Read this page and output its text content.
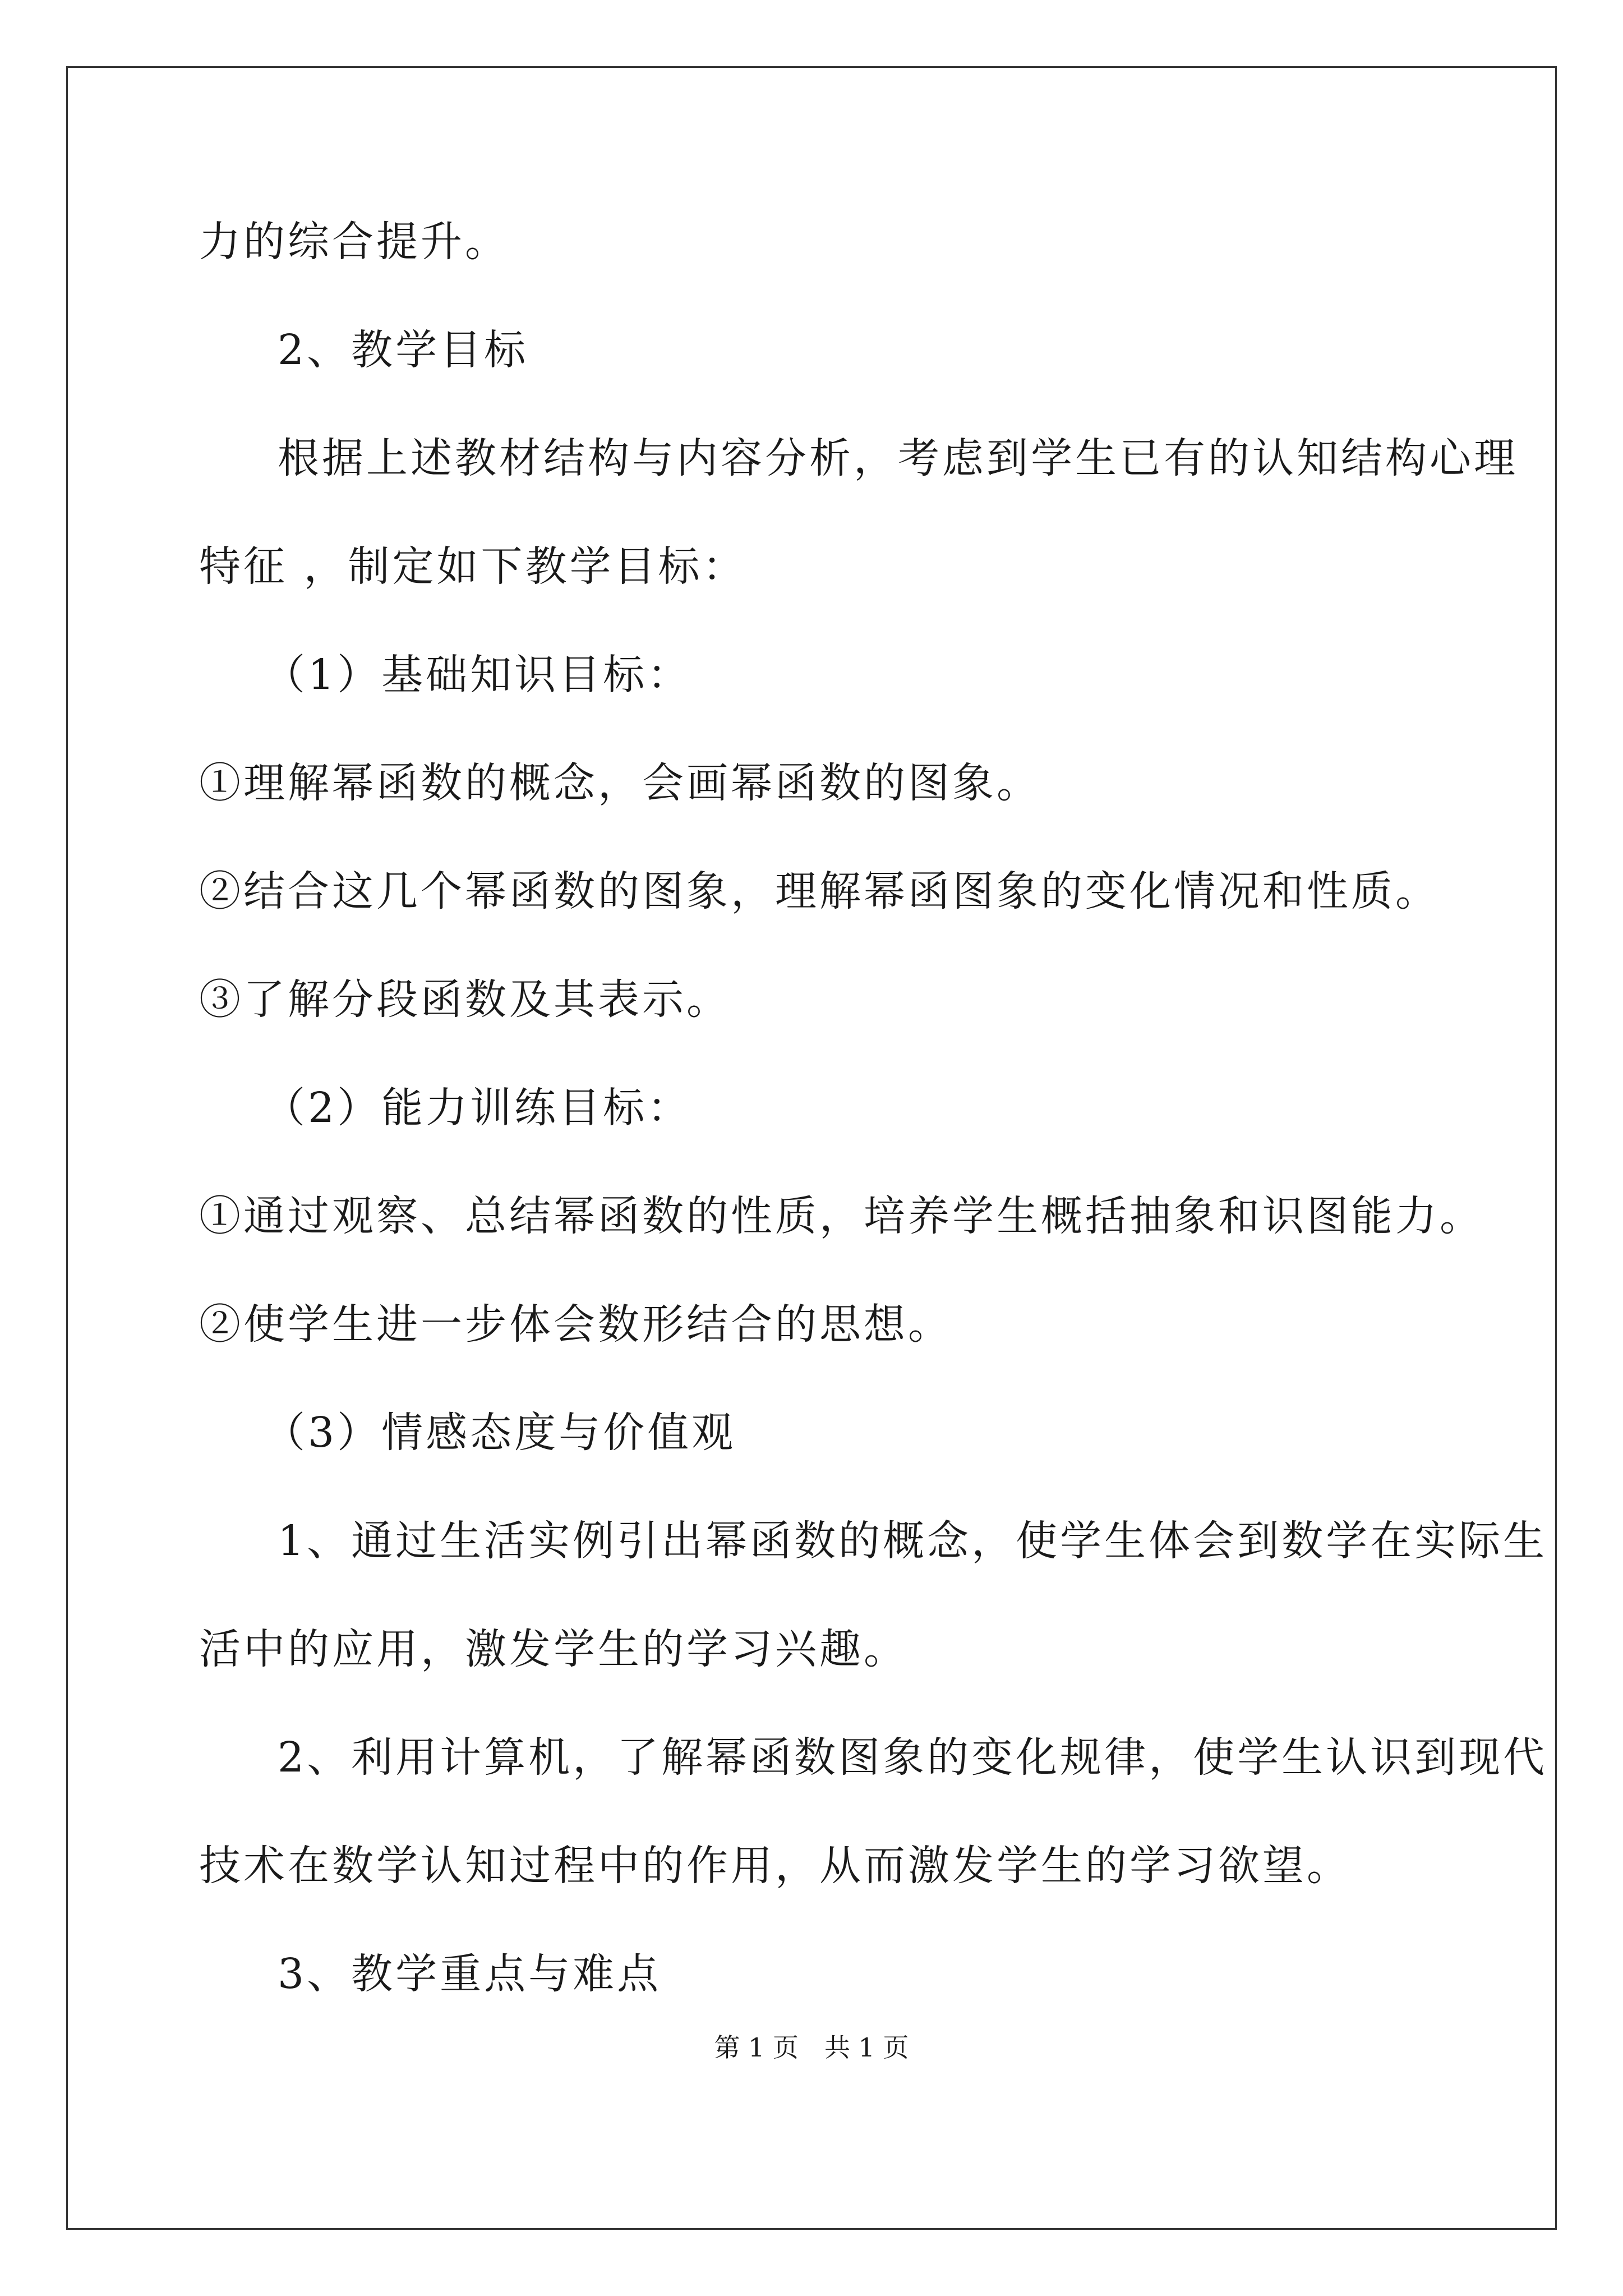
力的综合提升。
2、教学目标
根据上述教材结构与内容分析，考虑到学生已有的认知结构心理
特征 ，制定如下教学目标：
（1）基础知识目标：
①理解幂函数的概念，会画幂函数的图象。
②结合这几个幂函数的图象，理解幂函图象的变化情况和性质。
③了解分段函数及其表示。
（2）能力训练目标：
①通过观察、总结幂函数的性质，培养学生概括抽象和识图能力。
②使学生进一步体会数形结合的思想。
（3）情感态度与价值观
1、通过生活实例引出幂函数的概念，使学生体会到数学在实际生
活中的应用，激发学生的学习兴趣。
2、利用计算机，了解幂函数图象的变化规律，使学生认识到现代
技术在数学认知过程中的作用，从而激发学生的学习欲望。
第 1 页　共 1 页
3、教学重点与难点
